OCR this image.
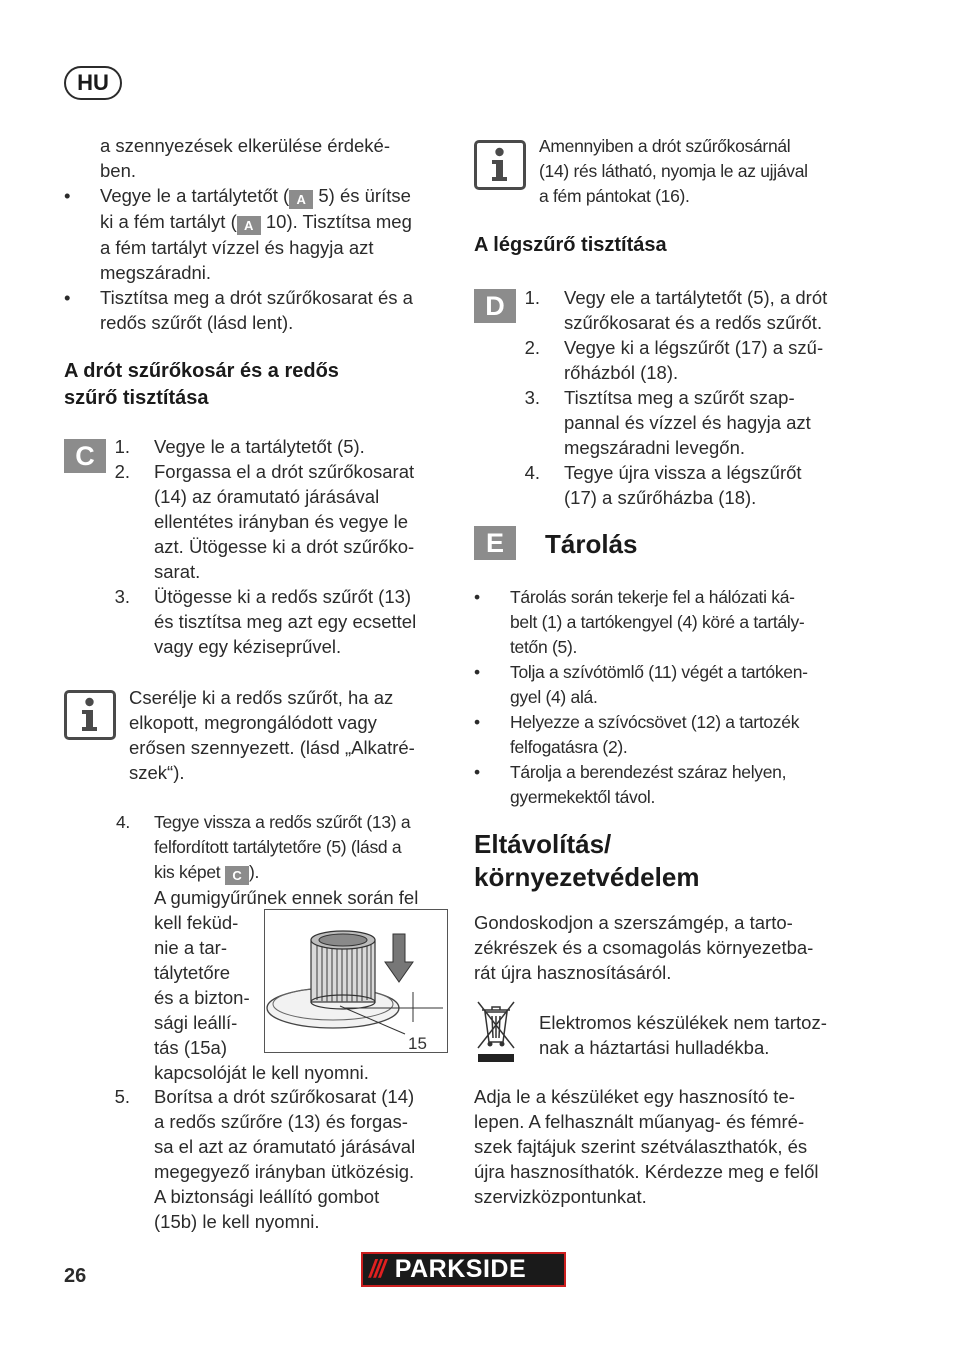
HU
a szennyezések elkerülése érdeké-
ben.
• Vegye le a tartálytetőt ( A 5) és ürítse
ki a fém tartályt ( A 10). Tisztítsa meg
a fém tartályt vízzel és hagyja azt
megszáradni.
• Tisztítsa meg a drót szűrőkosarat és a
redős szűrőt (lásd lent).
A drót szűrőkosár és a redős
szűrő tisztítása
C	1. Vegye le a tartálytetőt (5).
2. Forgassa el a drót szűrőkosarat
(14) az óramutató járásával
ellentétes irányban és vegye le
azt. Ütögesse ki a drót szűrőko-
sarat.
3. Ütögesse ki a redős szűrőt (13)
és tisztítsa meg azt egy ecsettel
vagy egy kéziseprűvel.
Cserélje ki a redős szűrőt, ha az
elkopott, megrongálódott vagy
erősen szennyezett. (lásd „Alkatré-
szek“).
4. Tegye vissza a redős szűrőt (13) a
felfordított tartálytetőre (5) (lásd a
kis képet C ).
A gumigyűrűnek ennek során fel
kell feküd-
nie a tar-
tálytetőre
és a bizton-
sági leállí-
tás (15a)
kapcsolóját le kell nyomni.
15
5. Borítsa a drót szűrőkosarat (14)
a redős szűrőre (13) és forgas-
sa el azt az óramutató járásával
megegyező irányban ütközésig.
A biztonsági leállító gombot
(15b) le kell nyomni.
Amennyiben a drót szűrőkosárnál
(14) rés látható, nyomja le az ujjával
a fém pántokat (16).
A légszűrő tisztítása
D	1. Vegy ele a tartálytetőt (5), a drót
szűrőkosarat és a redős szűrőt.
2. Vegye ki a légszűrőt (17) a szű-
rőházból (18).
3. Tisztítsa meg a szűrőt szap-
pannal és vízzel és hagyja azt
megszáradni levegőn.
4. Tegye újra vissza a légszűrőt
(17) a szűrőházba (18).
E	Tárolás
• Tárolás során tekerje fel a hálózati ká-
belt (1) a tartókengyel (4) köré a tartály-
tetőn (5).
• Tolja a szívótömlő (11) végét a tartóken-
gyel (4) alá.
• Helyezze a szívócsövet (12) a tartozék
felfogatásra (2).
• Tárolja a berendezést száraz helyen,
gyermekektől távol.
Eltávolítás/
környezetvédelem
Gondoskodjon a szerszámgép, a tarto-
zékrészek és a csomagolás környezetba-
rát újra hasznosításáról.
Elektromos készülékek nem tartoz-
nak a háztartási hulladékba.
Adja le a készüléket egy hasznosító te-
lepen. A felhasznált műanyag- és fémré-
szek fajtájuk szerint szétválaszthatók, és
újra hasznosíthatók. Kérdezze meg e felől
szervizközpontunkat.
26	/// PARKSIDE
